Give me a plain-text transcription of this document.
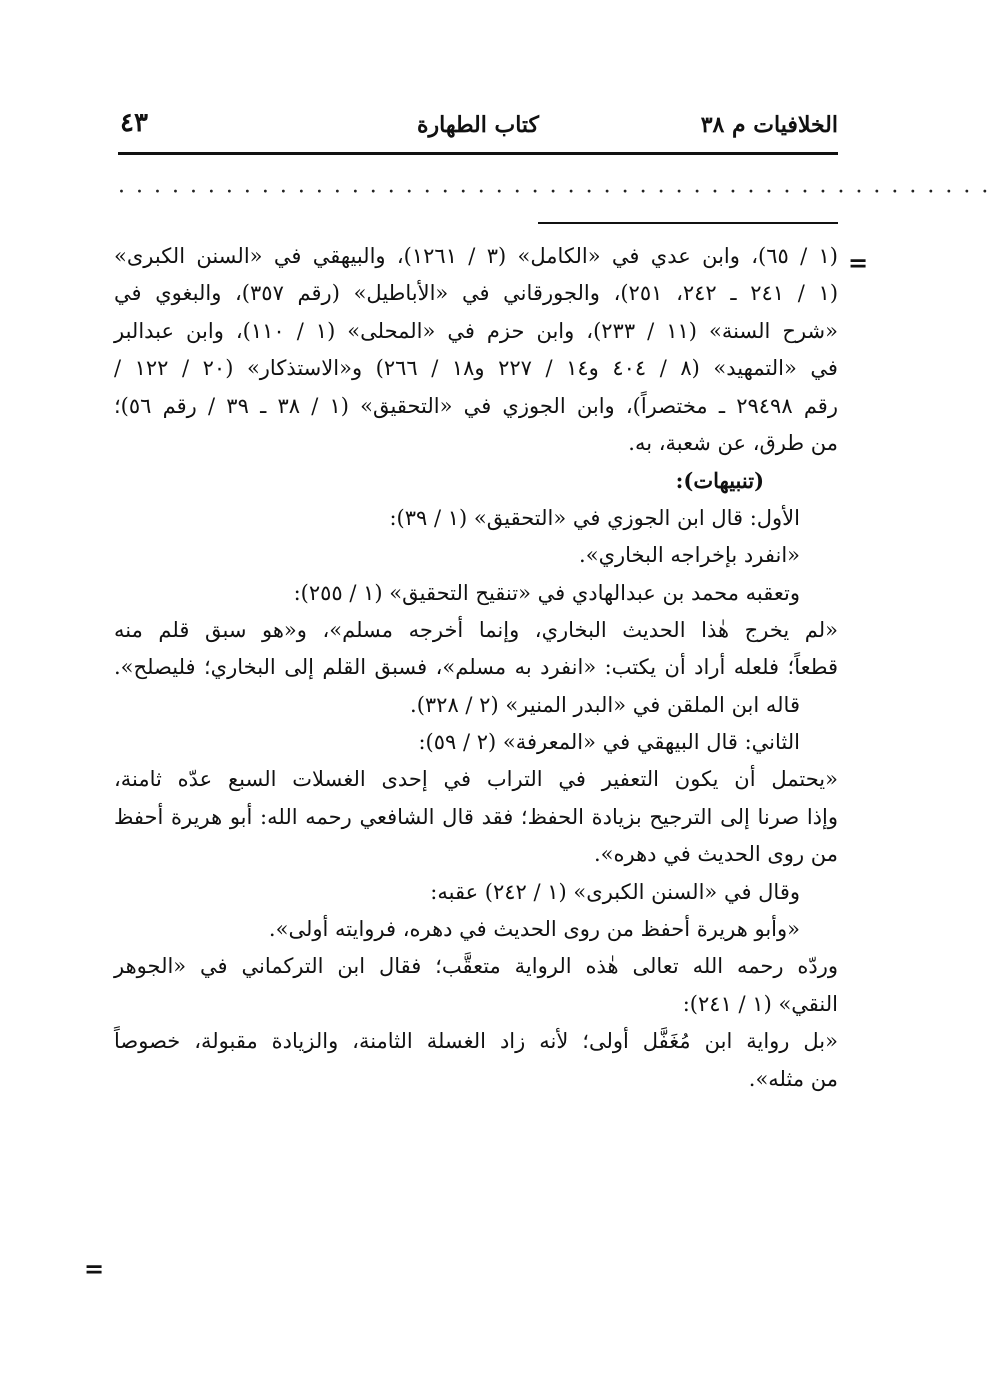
الخلافيات م ٣٨
كتاب الطهارة
٤٣
· · · · · · · · · · · · · · · · · · · · · · · · · · · · · · · · · · · · · · · · · · · · · · · · ·
=
(١ / ٦٥)، وابن عدي في «الكامل» (٣ / ١٢٦١)، والبيهقي في «السنن الكبرى»
(١ / ٢٤١ ـ ٢٤٢، ٢٥١)، والجورقاني في «الأباطيل» (رقم ٣٥٧)، والبغوي في
«شرح السنة» (١١ / ٢٣٣)، وابن حزم في «المحلى» (١ / ١١٠)، وابن عبدالبر
في «التمهيد» (٨ / ٤٠٤ و١٤ / ٢٢٧ و١٨ / ٢٦٦) و«الاستذكار» (٢٠ / ١٢٢ /
رقم ٢٩٤٩٨ ـ مختصراً)، وابن الجوزي في «التحقيق» (١ / ٣٨ ـ ٣٩ / رقم ٥٦)؛
من طرق، عن شعبة، به.
(تنبيهات):
الأول: قال ابن الجوزي في «التحقيق» (١ / ٣٩):
«انفرد بإخراجه البخاري».
وتعقبه محمد بن عبدالهادي في «تنقيح التحقيق» (١ / ٢٥٥):
«لم يخرج هٰذا الحديث البخاري، وإنما أخرجه مسلم»، و«هو سبق قلم منه
قطعاً؛ فلعله أراد أن يكتب: «انفرد به مسلم»، فسبق القلم إلى البخاري؛ فليصلح».
قاله ابن الملقن في «البدر المنير» (٢ / ٣٢٨).
الثاني: قال البيهقي في «المعرفة» (٢ / ٥٩):
«يحتمل أن يكون التعفير في التراب في إحدى الغسلات السبع عدّه ثامنة،
وإذا صرنا إلى الترجيح بزيادة الحفظ؛ فقد قال الشافعي رحمه الله: أبو هريرة أحفظ
من روى الحديث في دهره».
وقال في «السنن الكبرى» (١ / ٢٤٢) عقبه:
«وأبو هريرة أحفظ من روى الحديث في دهره، فروايته أولى».
وردّه رحمه الله تعالى هٰذه الرواية متعقَّب؛ فقال ابن التركماني في «الجوهر
النقي» (١ / ٢٤١):
«بل رواية ابن مُغَفَّل أولى؛ لأنه زاد الغسلة الثامنة، والزيادة مقبولة، خصوصاً
من مثله».
=
